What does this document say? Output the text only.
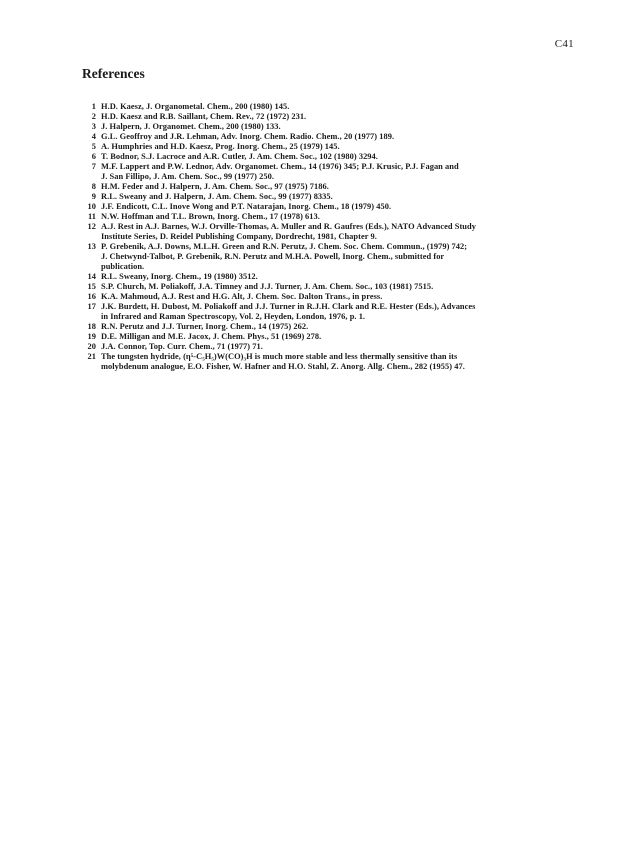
C41
References
1 H.D. Kaesz, J. Organometal. Chem., 200 (1980) 145.
2 H.D. Kaesz and R.B. Saillant, Chem. Rev., 72 (1972) 231.
3 J. Halpern, J. Organomet. Chem., 200 (1980) 133.
4 G.L. Geoffroy and J.R. Lehman, Adv. Inorg. Chem. Radio. Chem., 20 (1977) 189.
5 A. Humphries and H.D. Kaesz, Prog. Inorg. Chem., 25 (1979) 145.
6 T. Bodnor, S.J. Lacroce and A.R. Cutler, J. Am. Chem. Soc., 102 (1980) 3294.
7 M.F. Lappert and P.W. Lednor, Adv. Organomet. Chem., 14 (1976) 345; P.J. Krusic, P.J. Fagan and
J. San Fillipo, J. Am. Chem. Soc., 99 (1977) 250.
8 H.M. Feder and J. Halpern, J. Am. Chem. Soc., 97 (1975) 7186.
9 R.L. Sweany and J. Halpern, J. Am. Chem. Soc., 99 (1977) 8335.
10 J.F. Endicott, C.L. Inove Wong and P.T. Natarajan, Inorg. Chem., 18 (1979) 450.
11 N.W. Hoffman and T.L. Brown, Inorg. Chem., 17 (1978) 613.
12 A.J. Rest in A.J. Barnes, W.J. Orville-Thomas, A. Muller and R. Gaufres (Eds.), NATO Advanced Study
Institute Series, D. Reidel Publishing Company, Dordrecht, 1981, Chapter 9.
13 P. Grebenik, A.J. Downs, M.L.H. Green and R.N. Perutz, J. Chem. Soc. Chem. Commun., (1979) 742;
J. Chetwynd-Talbot, P. Grebenik, R.N. Perutz and M.H.A. Powell, Inorg. Chem., submitted for
publication.
14 R.L. Sweany, Inorg. Chem., 19 (1980) 3512.
15 S.P. Church, M. Poliakoff, J.A. Timney and J.J. Turner, J. Am. Chem. Soc., 103 (1981) 7515.
16 K.A. Mahmoud, A.J. Rest and H.G. Alt, J. Chem. Soc. Dalton Trans., in press.
17 J.K. Burdett, H. Dubost, M. Poliakoff and J.J. Turner in R.J.H. Clark and R.E. Hester (Eds.), Advances
in Infrared and Raman Spectroscopy, Vol. 2, Heyden, London, 1976, p. 1.
18 R.N. Perutz and J.J. Turner, Inorg. Chem., 14 (1975) 262.
19 D.E. Milligan and M.E. Jacox, J. Chem. Phys., 51 (1969) 278.
20 J.A. Connor, Top. Curr. Chem., 71 (1977) 71.
21 The tungsten hydride, (η⁵-C₅H₅)W(CO)₃H is much more stable and less thermally sensitive than its
molybdenum analogue, E.O. Fisher, W. Hafner and H.O. Stahl, Z. Anorg. Allg. Chem., 282 (1955) 47.
